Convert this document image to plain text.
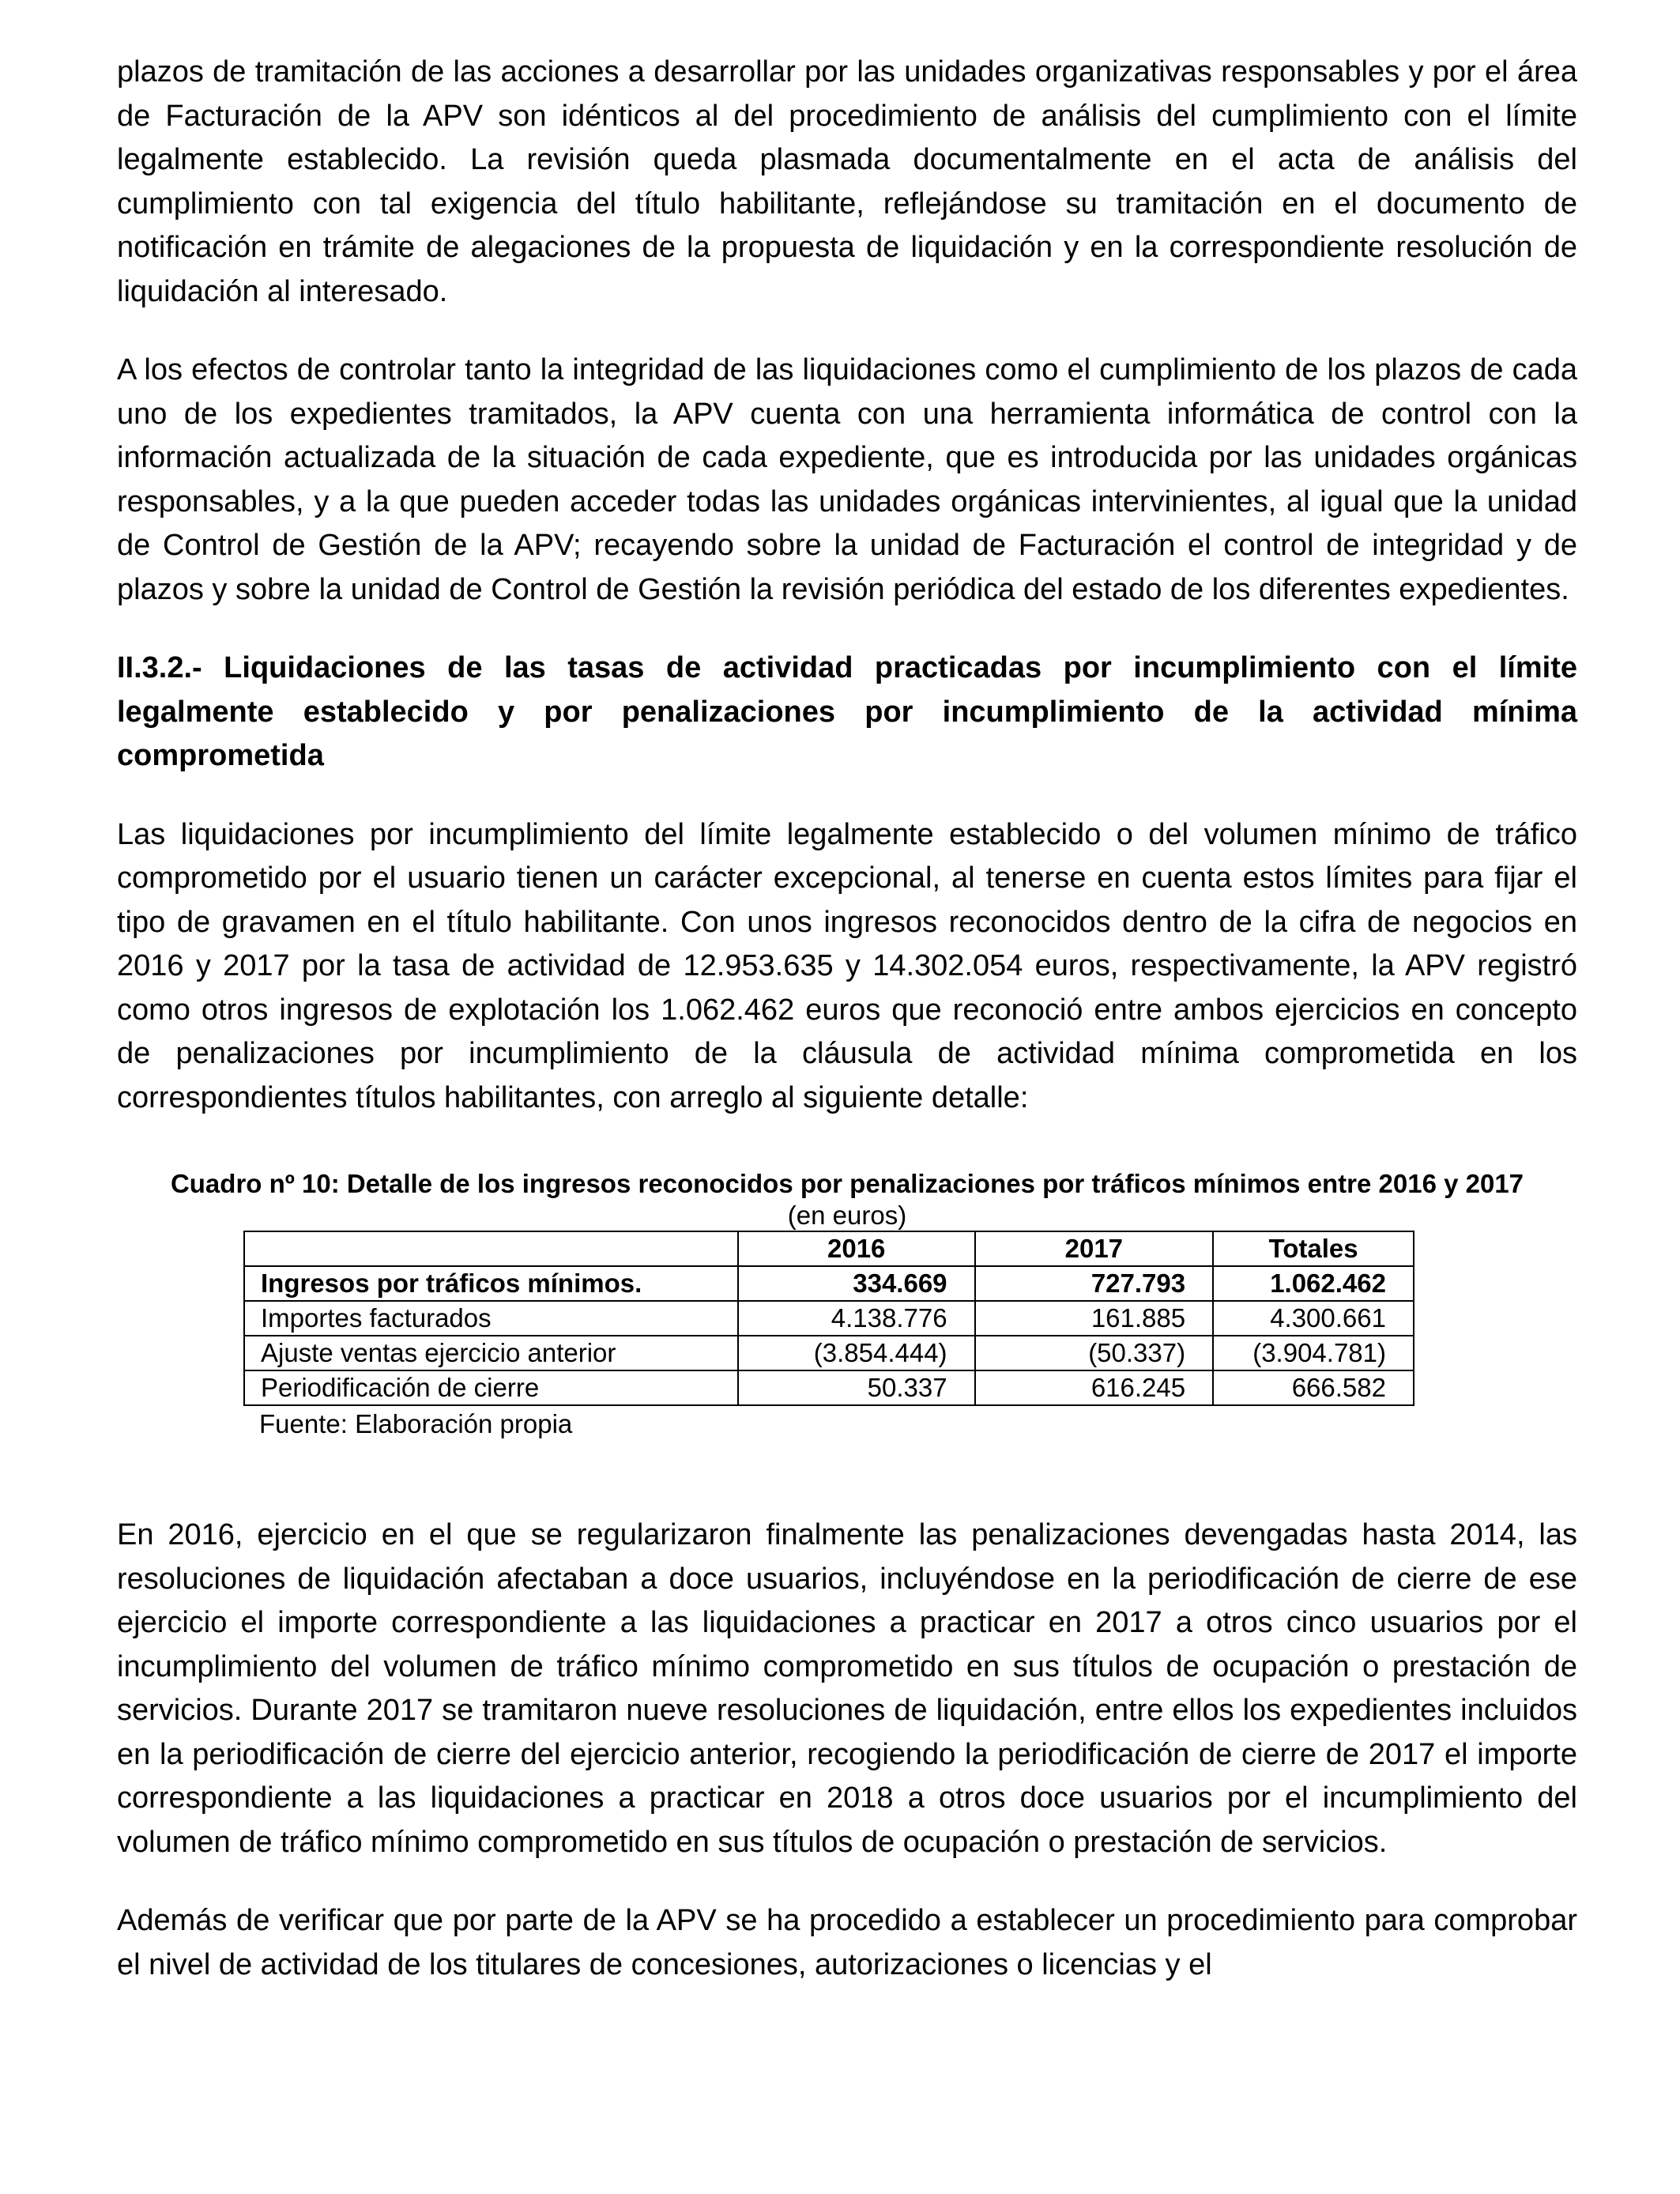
plazos de tramitación de las acciones a desarrollar por las unidades organizativas responsables y por el área de Facturación de la APV son idénticos al del procedimiento de análisis del cumplimiento con el límite legalmente establecido. La revisión queda plasmada documentalmente en el acta de análisis del cumplimiento con tal exigencia del título habilitante, reflejándose su tramitación en el documento de notificación en trámite de alegaciones de la propuesta de liquidación y en la correspondiente resolución de liquidación al interesado.

A los efectos de controlar tanto la integridad de las liquidaciones como el cumplimiento de los plazos de cada uno de los expedientes tramitados, la APV cuenta con una herramienta informática de control con la información actualizada de la situación de cada expediente, que es introducida por las unidades orgánicas responsables, y a la que pueden acceder todas las unidades orgánicas intervinientes, al igual que la unidad de Control de Gestión de la APV; recayendo sobre la unidad de Facturación el control de integridad y de plazos y sobre la unidad de Control de Gestión la revisión periódica del estado de los diferentes expedientes.

II.3.2.- Liquidaciones de las tasas de actividad practicadas por incumplimiento con el límite legalmente establecido y por penalizaciones por incumplimiento de la actividad mínima comprometida

Las liquidaciones por incumplimiento del límite legalmente establecido o del volumen mínimo de tráfico comprometido por el usuario tienen un carácter excepcional, al tenerse en cuenta estos límites para fijar el tipo de gravamen en el título habilitante. Con unos ingresos reconocidos dentro de la cifra de negocios en 2016 y 2017 por la tasa de actividad de 12.953.635 y 14.302.054 euros, respectivamente, la APV registró como otros ingresos de explotación los 1.062.462 euros que reconoció entre ambos ejercicios en concepto de penalizaciones por incumplimiento de la cláusula de actividad mínima comprometida en los correspondientes títulos habilitantes, con arreglo al siguiente detalle:

Cuadro nº 10: Detalle de los ingresos reconocidos por penalizaciones por tráficos mínimos entre 2016 y 2017

(en euros)

	2016	2017	Totales
Ingresos por tráficos mínimos.	334.669	727.793	1.062.462
Importes facturados	4.138.776	161.885	4.300.661
Ajuste ventas ejercicio anterior	(3.854.444)	(50.337)	(3.904.781)
Periodificación de cierre	50.337	616.245	666.582

Fuente: Elaboración propia

En 2016, ejercicio en el que se regularizaron finalmente las penalizaciones devengadas hasta 2014, las resoluciones de liquidación afectaban a doce usuarios, incluyéndose en la periodificación de cierre de ese ejercicio el importe correspondiente a las liquidaciones a practicar en 2017 a otros cinco usuarios por el incumplimiento del volumen de tráfico mínimo comprometido en sus títulos de ocupación o prestación de servicios. Durante 2017 se tramitaron nueve resoluciones de liquidación, entre ellos los expedientes incluidos en la periodificación de cierre del ejercicio anterior, recogiendo la periodificación de cierre de 2017 el importe correspondiente a las liquidaciones a practicar en 2018 a otros doce usuarios por el incumplimiento del volumen de tráfico mínimo comprometido en sus títulos de ocupación o prestación de servicios.

Además de verificar que por parte de la APV se ha procedido a establecer un procedimiento para comprobar el nivel de actividad de los titulares de concesiones, autorizaciones o licencias y el
